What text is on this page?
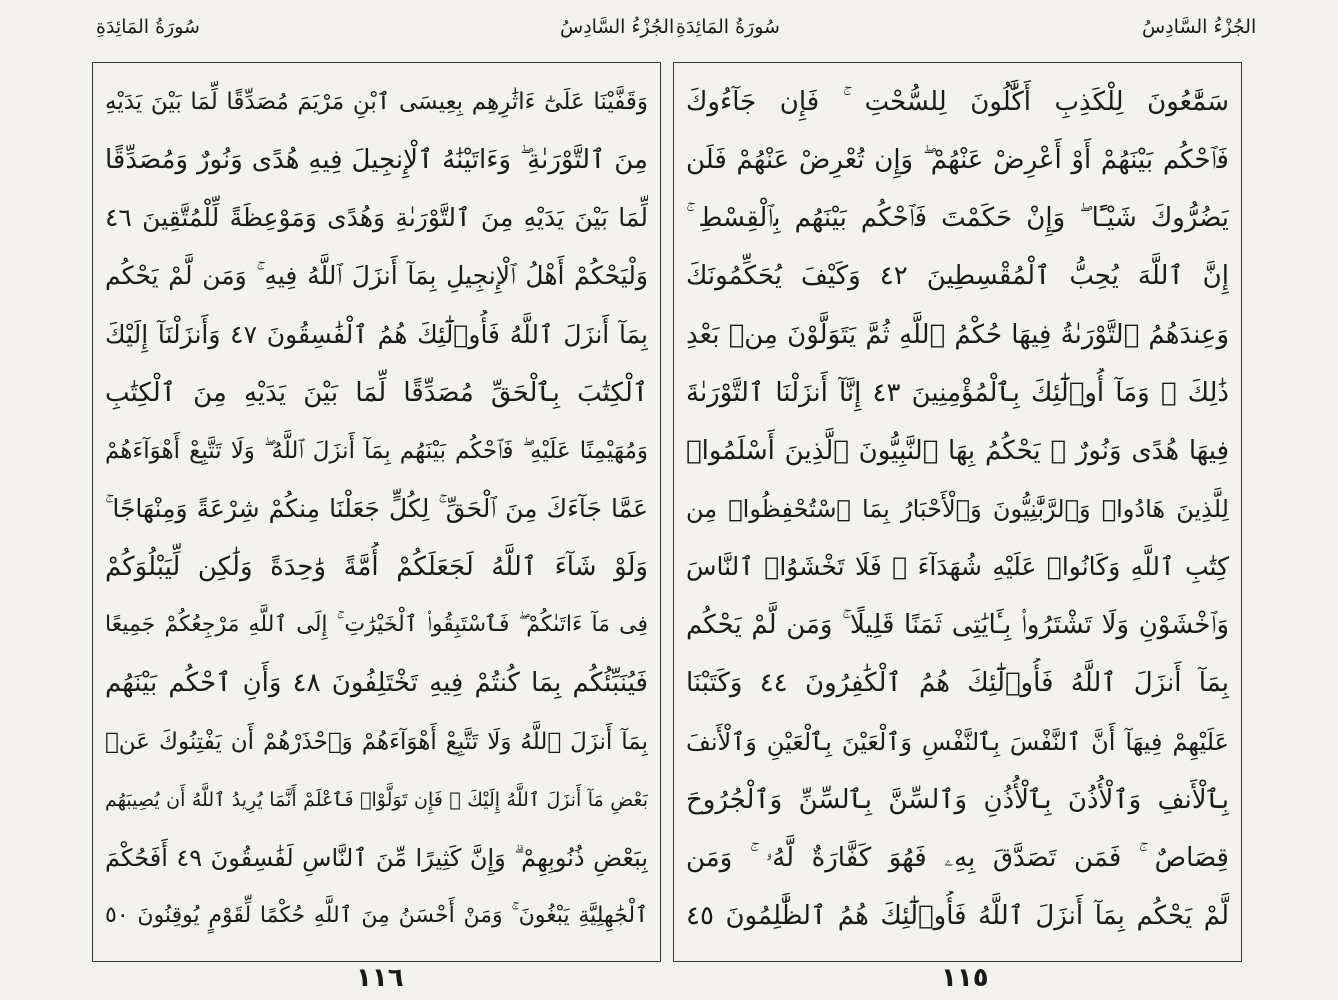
سُورَةُ المَائِدَةِ	الجُزْءُ السَّادِسُ سُورَةُ المَائِدَةِ	الجُزْءُ السَّادِسُ
وَقَفَّيْنَا عَلَىٰٓ ءَاثَٰرِهِم بِعِيسَى ٱبْنِ مَرْيَمَ مُصَدِّقًا لِّمَا بَيْنَ يَدَيْهِ
مِنَ ٱلتَّوْرَىٰةِ ۖ وَءَاتَيْنَٰهُ ٱلْإِنجِيلَ فِيهِ هُدًى وَنُورٌ وَمُصَدِّقًا
لِّمَا بَيْنَ يَدَيْهِ مِنَ ٱلتَّوْرَىٰةِ وَهُدًى وَمَوْعِظَةً لِّلْمُتَّقِينَ ٤٦
وَلْيَحْكُمْ أَهْلُ ٱلْإِنجِيلِ بِمَآ أَنزَلَ ٱللَّهُ فِيهِ ۚ وَمَن لَّمْ يَحْكُم
بِمَآ أَنزَلَ ٱللَّهُ فَأُو۟لَٰٓئِكَ هُمُ ٱلْفَٰسِقُونَ ٤٧ وَأَنزَلْنَآ إِلَيْكَ
ٱلْكِتَٰبَ بِٱلْحَقِّ مُصَدِّقًا لِّمَا بَيْنَ يَدَيْهِ مِنَ ٱلْكِتَٰبِ
وَمُهَيْمِنًا عَلَيْهِ ۖ فَٱحْكُم بَيْنَهُم بِمَآ أَنزَلَ ٱللَّهُ ۖ وَلَا تَتَّبِعْ أَهْوَآءَهُمْ
عَمَّا جَآءَكَ مِنَ ٱلْحَقِّ ۚ لِكُلٍّ جَعَلْنَا مِنكُمْ شِرْعَةً وَمِنْهَاجًا ۚ
وَلَوْ شَآءَ ٱللَّهُ لَجَعَلَكُمْ أُمَّةً وَٰحِدَةً وَلَٰكِن لِّيَبْلُوَكُمْ
فِى مَآ ءَاتَىٰكُمْ ۖ فَٱسْتَبِقُوا۟ ٱلْخَيْرَٰتِ ۚ إِلَى ٱللَّهِ مَرْجِعُكُمْ جَمِيعًا
فَيُنَبِّئُكُم بِمَا كُنتُمْ فِيهِ تَخْتَلِفُونَ ٤٨ وَأَنِ ٱحْكُم بَيْنَهُم
بِمَآ أَنزَلَ ٱللَّهُ وَلَا تَتَّبِعْ أَهْوَآءَهُمْ وَٱحْذَرْهُمْ أَن يَفْتِنُوكَ عَنۢ
بَعْضِ مَآ أَنزَلَ ٱللَّهُ إِلَيْكَ ۖ فَإِن تَوَلَّوْا۟ فَٱعْلَمْ أَنَّمَا يُرِيدُ ٱللَّهُ أَن يُصِيبَهُم
بِبَعْضِ ذُنُوبِهِمْ ۗ وَإِنَّ كَثِيرًا مِّنَ ٱلنَّاسِ لَفَٰسِقُونَ ٤٩ أَفَحُكْمَ
ٱلْجَٰهِلِيَّةِ يَبْغُونَ ۚ وَمَنْ أَحْسَنُ مِنَ ٱللَّهِ حُكْمًا لِّقَوْمٍ يُوقِنُونَ ٥٠
سَمَّٰعُونَ لِلْكَذِبِ أَكَّٰلُونَ لِلسُّحْتِ ۚ فَإِن جَآءُوكَ
فَٱحْكُم بَيْنَهُمْ أَوْ أَعْرِضْ عَنْهُمْ ۖ وَإِن تُعْرِضْ عَنْهُمْ فَلَن
يَضُرُّوكَ شَيْـًٔا ۖ وَإِنْ حَكَمْتَ فَٱحْكُم بَيْنَهُم بِٱلْقِسْطِ ۚ
إِنَّ ٱللَّهَ يُحِبُّ ٱلْمُقْسِطِينَ ٤٢ وَكَيْفَ يُحَكِّمُونَكَ
وَعِندَهُمُ ٱلتَّوْرَىٰةُ فِيهَا حُكْمُ ٱللَّهِ ثُمَّ يَتَوَلَّوْنَ مِنۢ بَعْدِ
ذَٰلِكَ ۚ وَمَآ أُو۟لَٰٓئِكَ بِٱلْمُؤْمِنِينَ ٤٣ إِنَّآ أَنزَلْنَا ٱلتَّوْرَىٰةَ
فِيهَا هُدًى وَنُورٌ ۚ يَحْكُمُ بِهَا ٱلنَّبِيُّونَ ٱلَّذِينَ أَسْلَمُوا۟
لِلَّذِينَ هَادُوا۟ وَٱلرَّبَّٰنِيُّونَ وَٱلْأَحْبَارُ بِمَا ٱسْتُحْفِظُوا۟ مِن
كِتَٰبِ ٱللَّهِ وَكَانُوا۟ عَلَيْهِ شُهَدَآءَ ۚ فَلَا تَخْشَوُا۟ ٱلنَّاسَ
وَٱخْشَوْنِ وَلَا تَشْتَرُوا۟ بِـَٔايَٰتِى ثَمَنًا قَلِيلًا ۚ وَمَن لَّمْ يَحْكُم
بِمَآ أَنزَلَ ٱللَّهُ فَأُو۟لَٰٓئِكَ هُمُ ٱلْكَٰفِرُونَ ٤٤ وَكَتَبْنَا
عَلَيْهِمْ فِيهَآ أَنَّ ٱلنَّفْسَ بِٱلنَّفْسِ وَٱلْعَيْنَ بِٱلْعَيْنِ وَٱلْأَنفَ
بِٱلْأَنفِ وَٱلْأُذُنَ بِٱلْأُذُنِ وَٱلسِّنَّ بِٱلسِّنِّ وَٱلْجُرُوحَ
قِصَاصٌ ۚ فَمَن تَصَدَّقَ بِهِۦ فَهُوَ كَفَّارَةٌ لَّهُۥ ۚ وَمَن
لَّمْ يَحْكُم بِمَآ أَنزَلَ ٱللَّهُ فَأُو۟لَٰٓئِكَ هُمُ ٱلظَّٰلِمُونَ ٤٥
١١٦	١١٥
